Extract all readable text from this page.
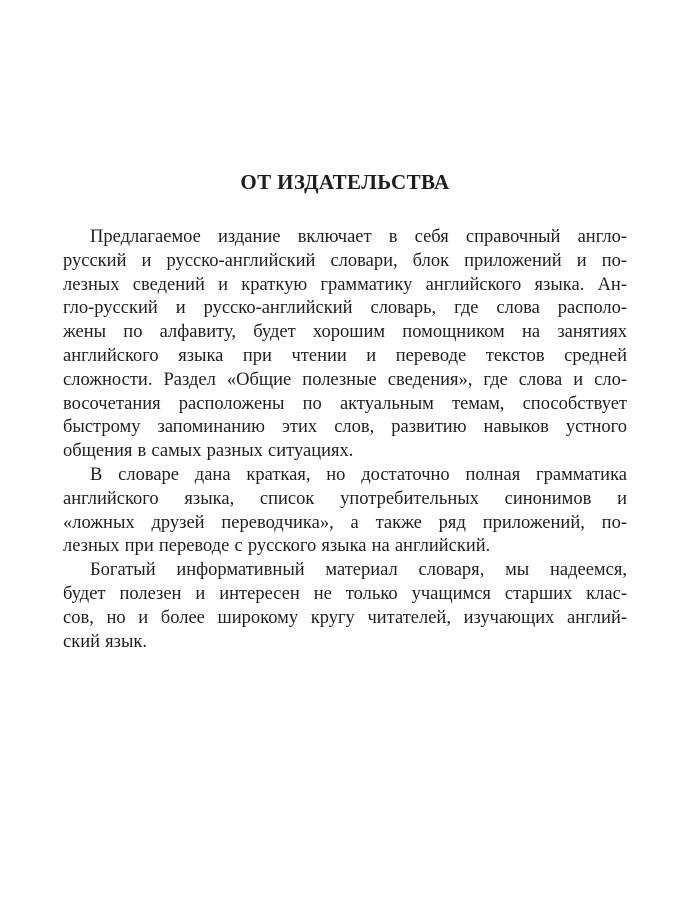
ОТ ИЗДАТЕЛЬСТВА
Предлагаемое издание включает в себя справочный англо-
русский и русско-английский словари, блок приложений и по-
лезных сведений и краткую грамматику английского языка. Ан-
гло-русский и русско-английский словарь, где слова располо-
жены по алфавиту, будет хорошим помощником на занятиях
английского языка при чтении и переводе текстов средней
сложности. Раздел «Общие полезные сведения», где слова и сло-
восочетания расположены по актуальным темам, способствует
быстрому запоминанию этих слов, развитию навыков устного
общения в самых разных ситуациях.
В словаре дана краткая, но достаточно полная грамматика
английского языка, список употребительных синонимов и
«ложных друзей переводчика», а также ряд приложений, по-
лезных при переводе с русского языка на английский.
Богатый информативный материал словаря, мы надеемся,
будет полезен и интересен не только учащимся старших клас-
сов, но и более широкому кругу читателей, изучающих англий-
ский язык.
